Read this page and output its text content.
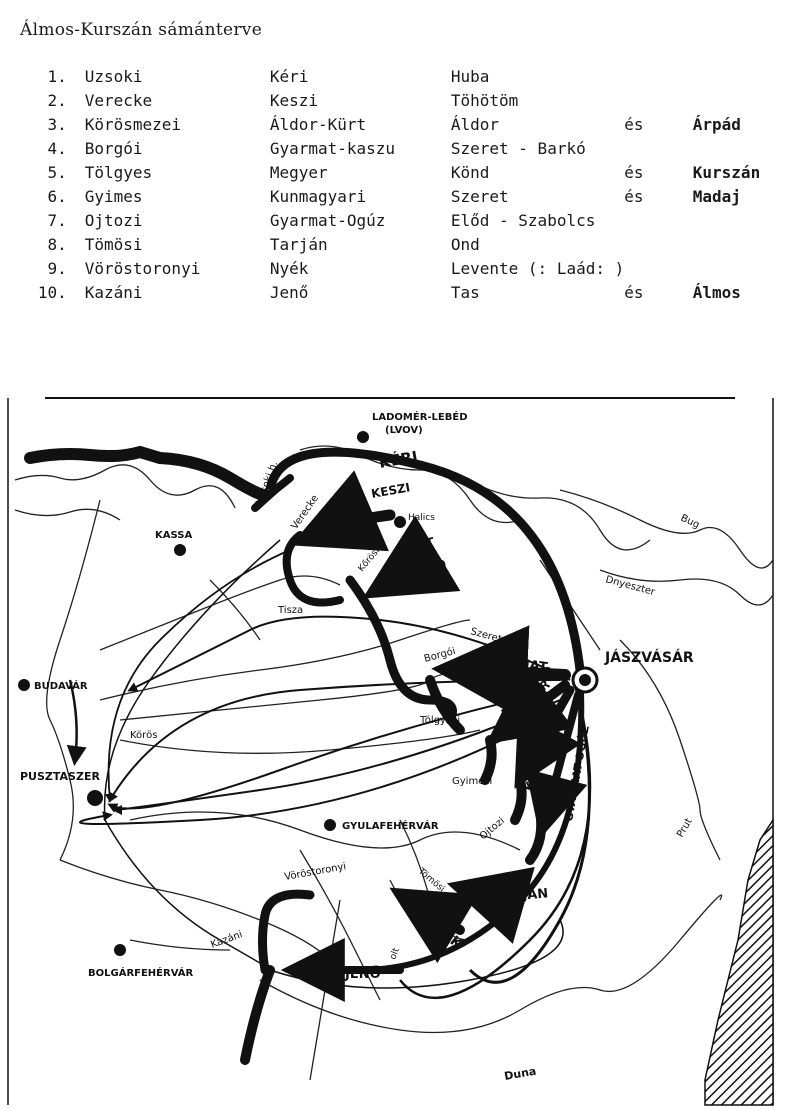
Álmos-Kurszán sámánterve
1.	Uzsoki	Kéri	Huba		
2.	Verecke	Keszi	Töhötöm		
3.	Körösmezei	Áldor-Kürt	Áldor	és	Árpád
4.	Borgói	Gyarmat-kaszu	Szeret - Barkó		
5.	Tölgyes	Megyer	Könd	és	Kurszán
6.	Gyimes	Kunmagyari	Szeret	és	Madaj
7.	Ojtozi	Gyarmat-Ogúz	Előd - Szabolcs		
8.	Tömösi	Tarján	Ond		
9.	Vöröstoronyi	Nyék	Levente (: Laád: )		
10.	Kazáni	Jenő	Tas	és	Álmos
LADOMÉR-LEBÉD
(LVOV)
KASSA
Halics
BUDAVÁR
PUSZTASZER
JÁSZVÁSÁR
GYULAFEHÉRVÁR
BOLGÁRFEHÉRVÁR
Tisza
Körös
Szeret
Dnyeszter
Bug
Prut
Duna
olt
Uzsoki h.
Verecke
Kőrösi
Borgói
Tölgyesi
Gyimesi
Ojtozi
Tömösi
Vöröstoronyi
Kazáni
KÉRI
KESZI
KÜRT
GYARMAT-
KASZU
MEGYER
KUNMAGYARI
GYARMAT-OGÚZ
TARJÁN
NYÉK
JENŐ
